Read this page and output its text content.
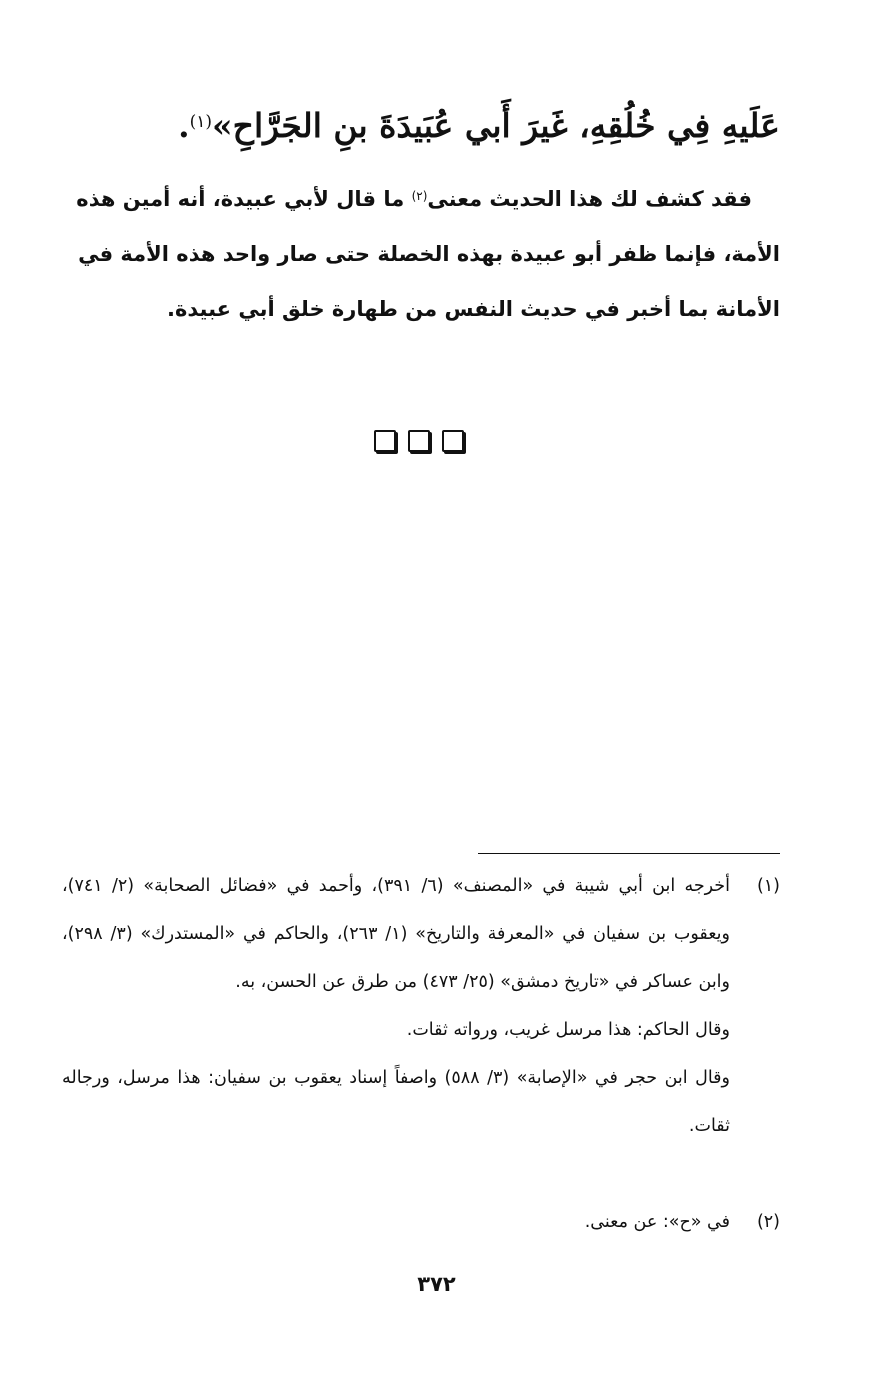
عَلَيهِ فِي خُلُقِهِ، غَيرَ أَبي عُبَيدَةَ بنِ الجَرَّاحِ»$^{(١)}$.
فقد كشف لك هذا الحديث معنى$^{(٢)}$ ما قال لأبي عبيدة، أنه أمين هذه
الأمة، فإنما ظفر أبو عبيدة بهذه الخصلة حتى صار واحد هذه الأمة في
الأمانة بما أخبر في حديث النفس من طهارة خلق أبي عبيدة.
(١)
أخرجه ابن أبي شيبة في «المصنف» (٦/ ٣٩١)، وأحمد في «فضائل الصحابة» (٢/ ٧٤١)، ويعقوب بن سفيان في «المعرفة والتاريخ» (١/ ٢٦٣)، والحاكم في «المستدرك» (٣/ ٢٩٨)، وابن عساكر في «تاريخ دمشق» (٢٥/ ٤٧٣) من طرق عن الحسن، به.
وقال الحاكم: هذا مرسل غريب، ورواته ثقات.
وقال ابن حجر في «الإصابة» (٣/ ٥٨٨) واصفاً إسناد يعقوب بن سفيان: هذا مرسل، ورجاله ثقات.
(٢)
في «ح»: عن معنى.
٣٧٢
